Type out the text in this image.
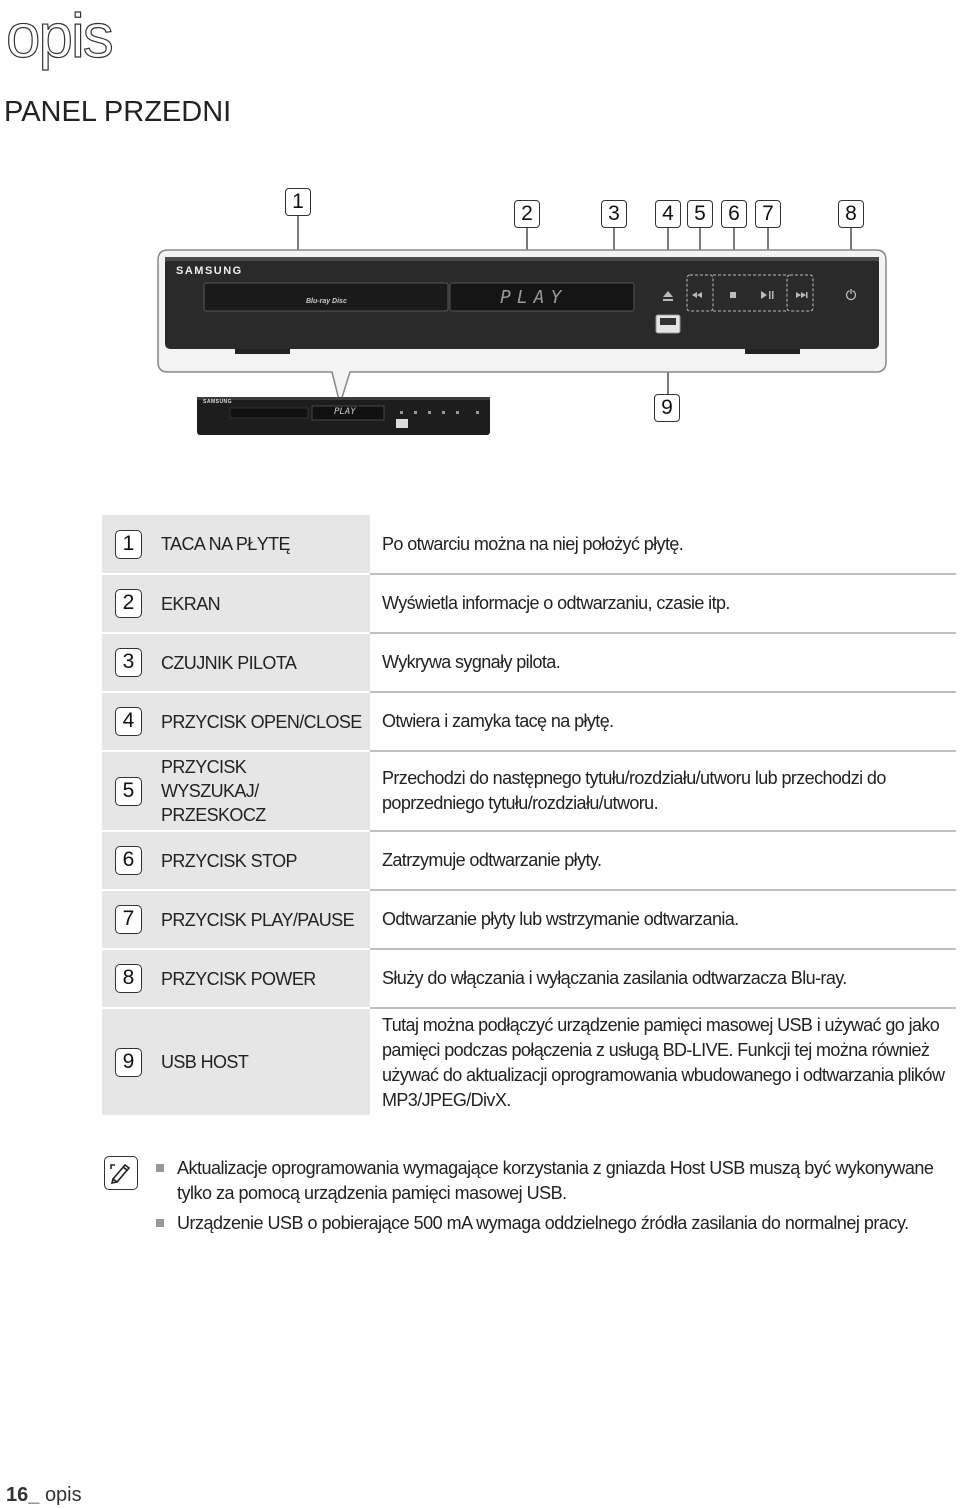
opis
PANEL PRZEDNI
1
2	3	4 5	6	7	8
9
SAMSUNG
Blu-ray Disc	PLAY
SAMSUNG
PLAY
1	TACA NA PŁYTĘ	Po otwarciu można na niej położyć płytę.
2	EKRAN	Wyświetla informacje o odtwarzaniu, czasie itp.
3	CZUJNIK PILOTA	Wykrywa sygnały pilota.
4	PRZYCISK OPEN/CLOSE	Otwiera i zamyka tacę na płytę.
5	PRZYCISK WYSZUKAJ/ PRZESKOCZ	Przechodzi do następnego tytułu/rozdziału/utworu lub przechodzi do poprzedniego tytułu/rozdziału/utworu.
6	PRZYCISK STOP	Zatrzymuje odtwarzanie płyty.
7	PRZYCISK PLAY/PAUSE	Odtwarzanie płyty lub wstrzymanie odtwarzania.
8	PRZYCISK POWER	Służy do włączania i wyłączania zasilania odtwarzacza Blu-ray.
9	USB HOST	Tutaj można podłączyć urządzenie pamięci masowej USB i używać go jako pamięci podczas połączenia z usługą BD-LIVE. Funkcji tej można również używać do aktualizacji oprogramowania wbudowanego i odtwarzania plików MP3/JPEG/DivX.
Aktualizacje oprogramowania wymagające korzystania z gniazda Host USB muszą być wykonywane tylko za pomocą urządzenia pamięci masowej USB.
Urządzenie USB o pobierające 500 mA wymaga oddzielnego źródła zasilania do normalnej pracy.
16_ opis
